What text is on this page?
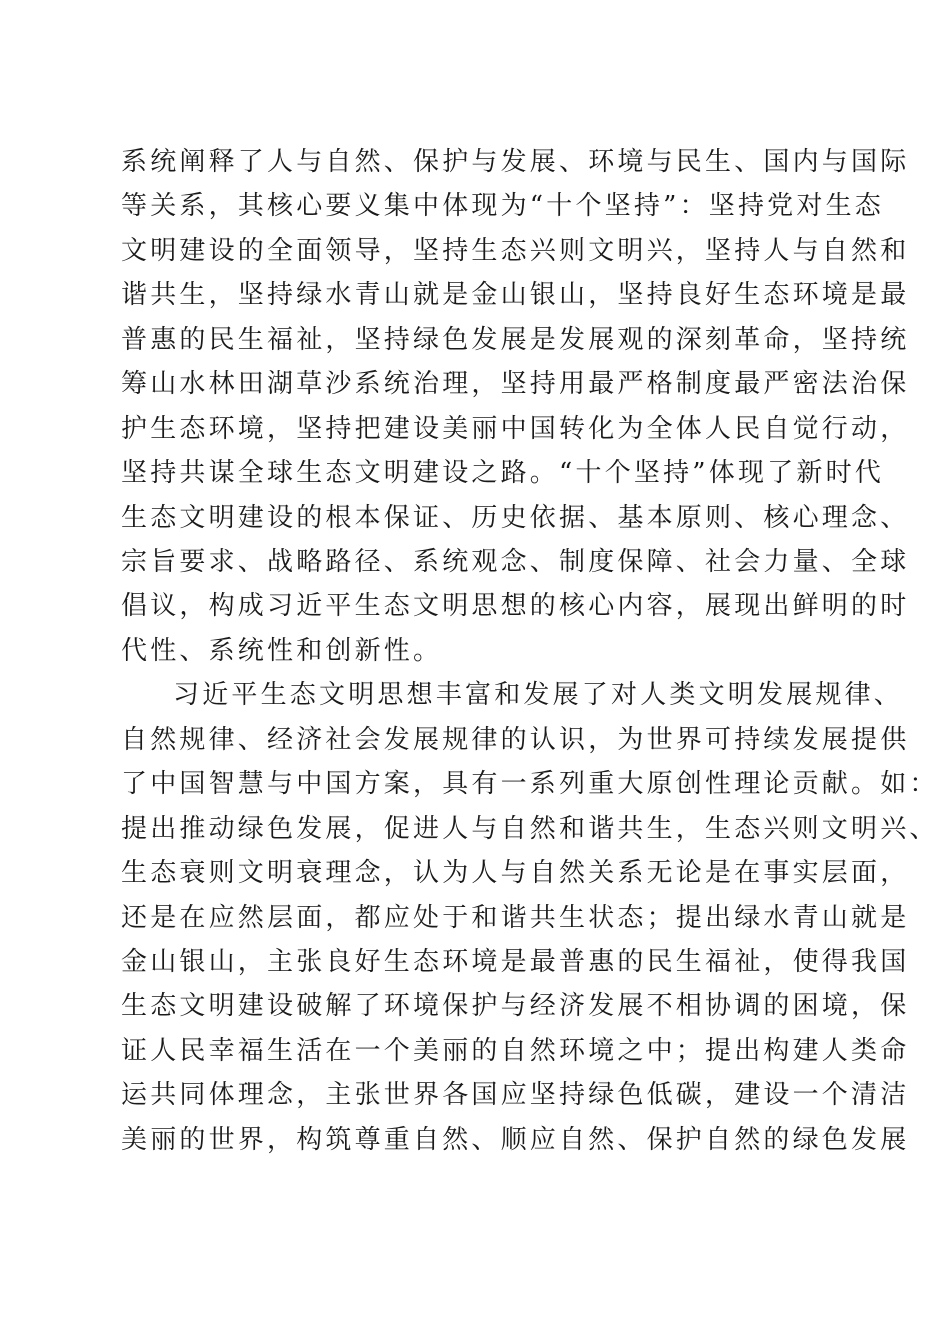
系统阐释了人与自然、保护与发展、环境与民生、国内与国际
等关系，其核心要义集中体现为“十个坚持”：坚持党对生态
文明建设的全面领导，坚持生态兴则文明兴，坚持人与自然和
谐共生，坚持绿水青山就是金山银山，坚持良好生态环境是最
普惠的民生福祉，坚持绿色发展是发展观的深刻革命，坚持统
筹山水林田湖草沙系统治理，坚持用最严格制度最严密法治保
护生态环境，坚持把建设美丽中国转化为全体人民自觉行动，
坚持共谋全球生态文明建设之路。“十个坚持”体现了新时代
生态文明建设的根本保证、历史依据、基本原则、核心理念、
宗旨要求、战略路径、系统观念、制度保障、社会力量、全球
倡议，构成习近平生态文明思想的核心内容，展现出鲜明的时
代性、系统性和创新性。
习近平生态文明思想丰富和发展了对人类文明发展规律、
自然规律、经济社会发展规律的认识，为世界可持续发展提供
了中国智慧与中国方案，具有一系列重大原创性理论贡献。如：
提出推动绿色发展，促进人与自然和谐共生，生态兴则文明兴、
生态衰则文明衰理念，认为人与自然关系无论是在事实层面，
还是在应然层面，都应处于和谐共生状态；提出绿水青山就是
金山银山，主张良好生态环境是最普惠的民生福祉，使得我国
生态文明建设破解了环境保护与经济发展不相协调的困境，保
证人民幸福生活在一个美丽的自然环境之中；提出构建人类命
运共同体理念，主张世界各国应坚持绿色低碳，建设一个清洁
美丽的世界，构筑尊重自然、顺应自然、保护自然的绿色发展
